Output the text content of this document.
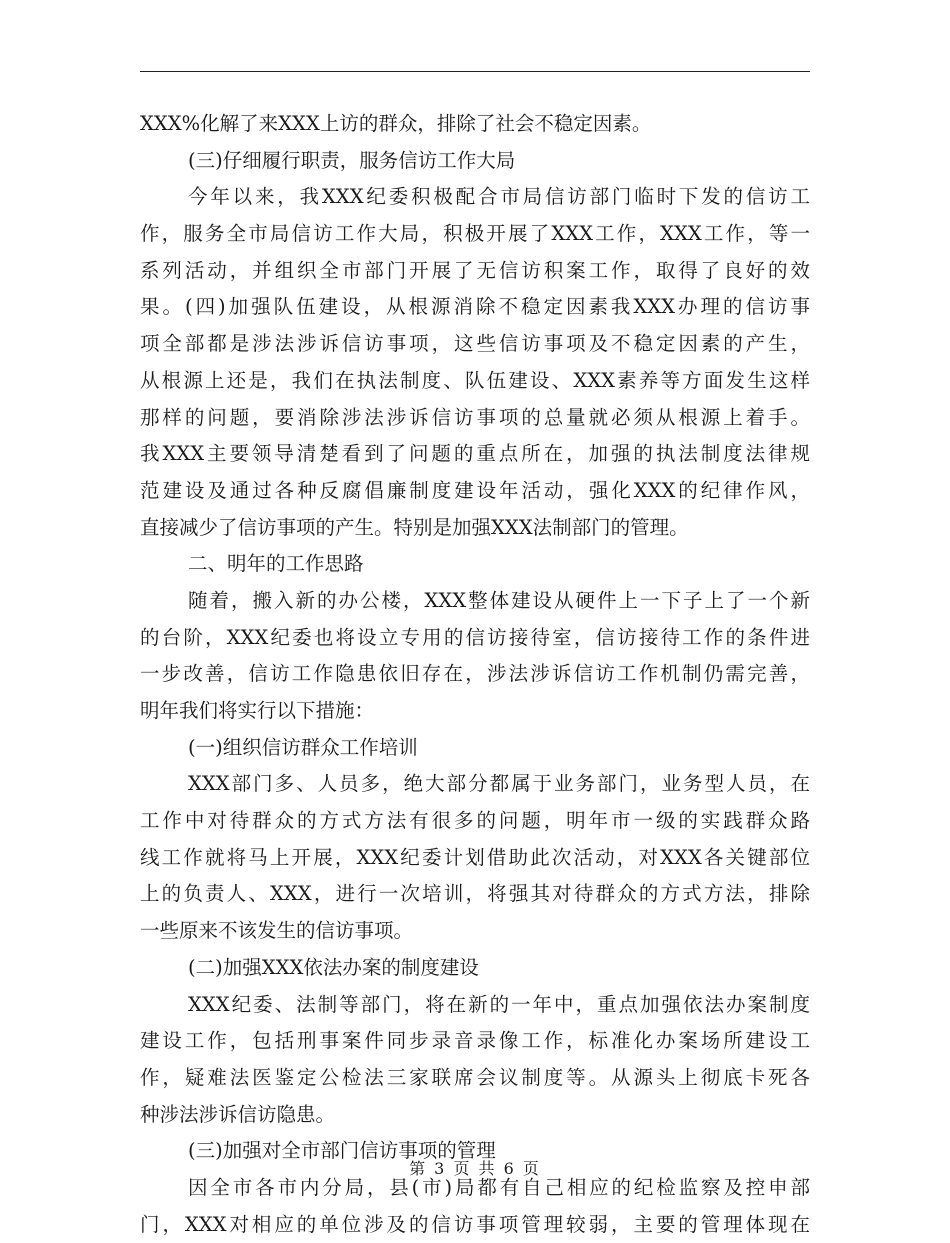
XXX%化解了来XXX上访的群众，排除了社会不稳定因素。
(三)仔细履行职责，服务信访工作大局
今年以来，我XXX纪委积极配合市局信访部门临时下发的信访工
作，服务全市局信访工作大局，积极开展了XXX工作，XXX工作，等一
系列活动，并组织全市部门开展了无信访积案工作，取得了良好的效
果。(四)加强队伍建设，从根源消除不稳定因素我XXX办理的信访事
项全部都是涉法涉诉信访事项，这些信访事项及不稳定因素的产生，
从根源上还是，我们在执法制度、队伍建设、XXX素养等方面发生这样
那样的问题，要消除涉法涉诉信访事项的总量就必须从根源上着手。
我XXX主要领导清楚看到了问题的重点所在，加强的执法制度法律规
范建设及通过各种反腐倡廉制度建设年活动，强化XXX的纪律作风，
直接减少了信访事项的产生。特别是加强XXX法制部门的管理。
二、明年的工作思路
随着，搬入新的办公楼，XXX整体建设从硬件上一下子上了一个新
的台阶，XXX纪委也将设立专用的信访接待室，信访接待工作的条件进
一步改善，信访工作隐患依旧存在，涉法涉诉信访工作机制仍需完善，
明年我们将实行以下措施：
(一)组织信访群众工作培训
XXX部门多、人员多，绝大部分都属于业务部门，业务型人员，在
工作中对待群众的方式方法有很多的问题，明年市一级的实践群众路
线工作就将马上开展，XXX纪委计划借助此次活动，对XXX各关键部位
上的负责人、XXX，进行一次培训，将强其对待群众的方式方法，排除
一些原来不该发生的信访事项。
(二)加强XXX依法办案的制度建设
XXX纪委、法制等部门，将在新的一年中，重点加强依法办案制度
建设工作，包括刑事案件同步录音录像工作，标准化办案场所建设工
作，疑难法医鉴定公检法三家联席会议制度等。从源头上彻底卡死各
种涉法涉诉信访隐患。
(三)加强对全市部门信访事项的管理
因全市各市内分局，县(市)局都有自己相应的纪检监察及控申部
门，XXX对相应的单位涉及的信访事项管理较弱，主要的管理体现在
第 3 页 共 6 页
